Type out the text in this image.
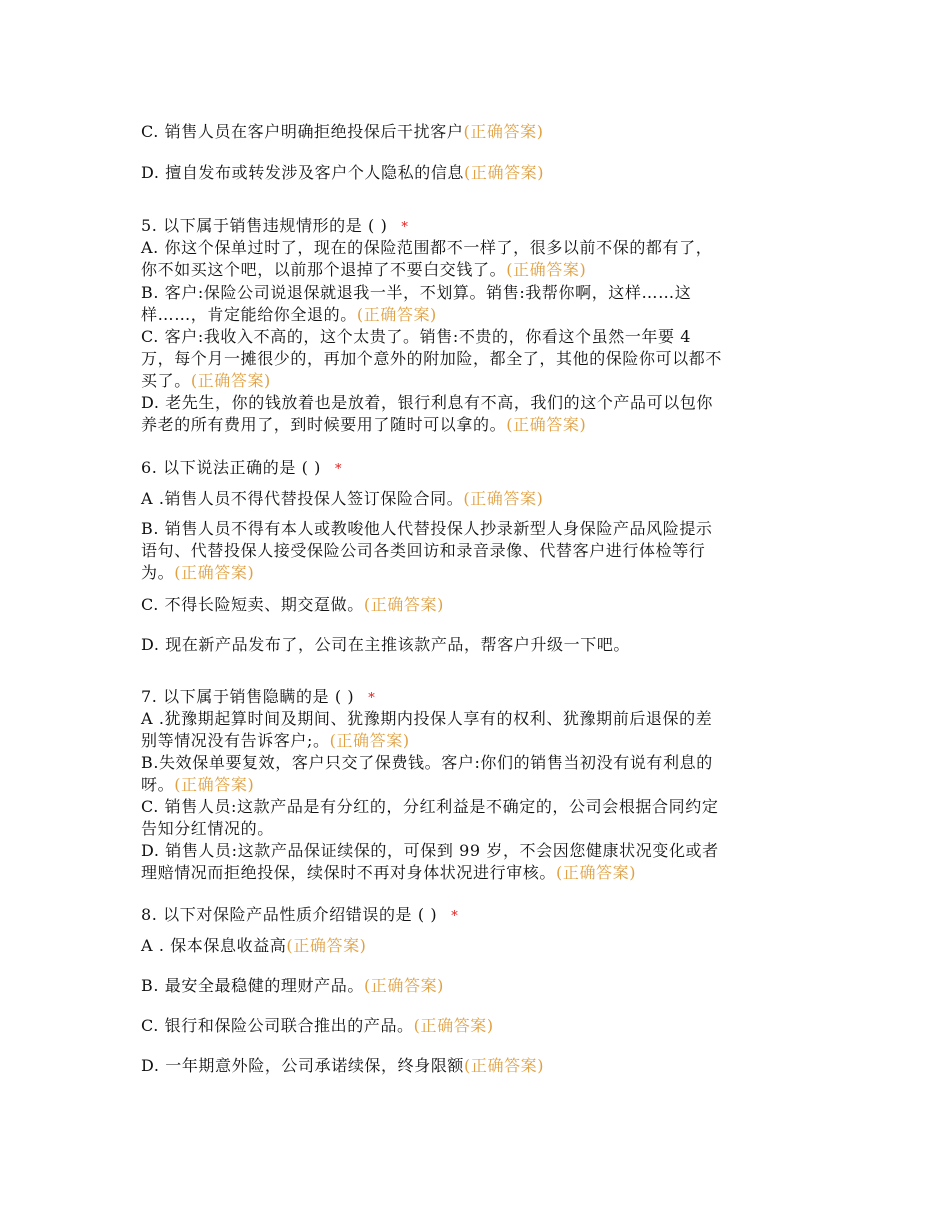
C. 销售人员在客户明确拒绝投保后干扰客户(正确答案)
D. 擅自发布或转发涉及客户个人隐私的信息(正确答案)
5. 以下属于销售违规情形的是 ( ) *
A. 你这个保单过时了，现在的保险范围都不一样了，很多以前不保的都有了，
你不如买这个吧，以前那个退掉了不要白交钱了。(正确答案)
B. 客户:保险公司说退保就退我一半，不划算。销售:我帮你啊，这样……这
样……，肯定能给你全退的。(正确答案)
C. 客户:我收入不高的，这个太贵了。销售:不贵的，你看这个虽然一年要 4
万，每个月一摊很少的，再加个意外的附加险，都全了，其他的保险你可以都不
买了。(正确答案)
D. 老先生，你的钱放着也是放着，银行利息有不高，我们的这个产品可以包你
养老的所有费用了，到时候要用了随时可以拿的。(正确答案)
6. 以下说法正确的是 ( ) *
A .销售人员不得代替投保人签订保险合同。(正确答案)
B. 销售人员不得有本人或教唆他人代替投保人抄录新型人身保险产品风险提示
语句、代替投保人接受保险公司各类回访和录音录像、代替客户进行体检等行
为。(正确答案)
C. 不得长险短卖、期交趸做。(正确答案)
D. 现在新产品发布了，公司在主推该款产品，帮客户升级一下吧。
7. 以下属于销售隐瞒的是 ( ) *
A .犹豫期起算时间及期间、犹豫期内投保人享有的权利、犹豫期前后退保的差
别等情况没有告诉客户;。(正确答案)
B.失效保单要复效，客户只交了保费钱。客户:你们的销售当初没有说有利息的
呀。(正确答案)
C. 销售人员:这款产品是有分红的，分红利益是不确定的，公司会根据合同约定
告知分红情况的。
D. 销售人员:这款产品保证续保的，可保到 99 岁，不会因您健康状况变化或者
理赔情况而拒绝投保，续保时不再对身体状况进行审核。(正确答案)
8. 以下对保险产品性质介绍错误的是 ( ) *
A . 保本保息收益高(正确答案)
B. 最安全最稳健的理财产品。(正确答案)
C. 银行和保险公司联合推出的产品。(正确答案)
D. 一年期意外险，公司承诺续保，终身限额(正确答案)
